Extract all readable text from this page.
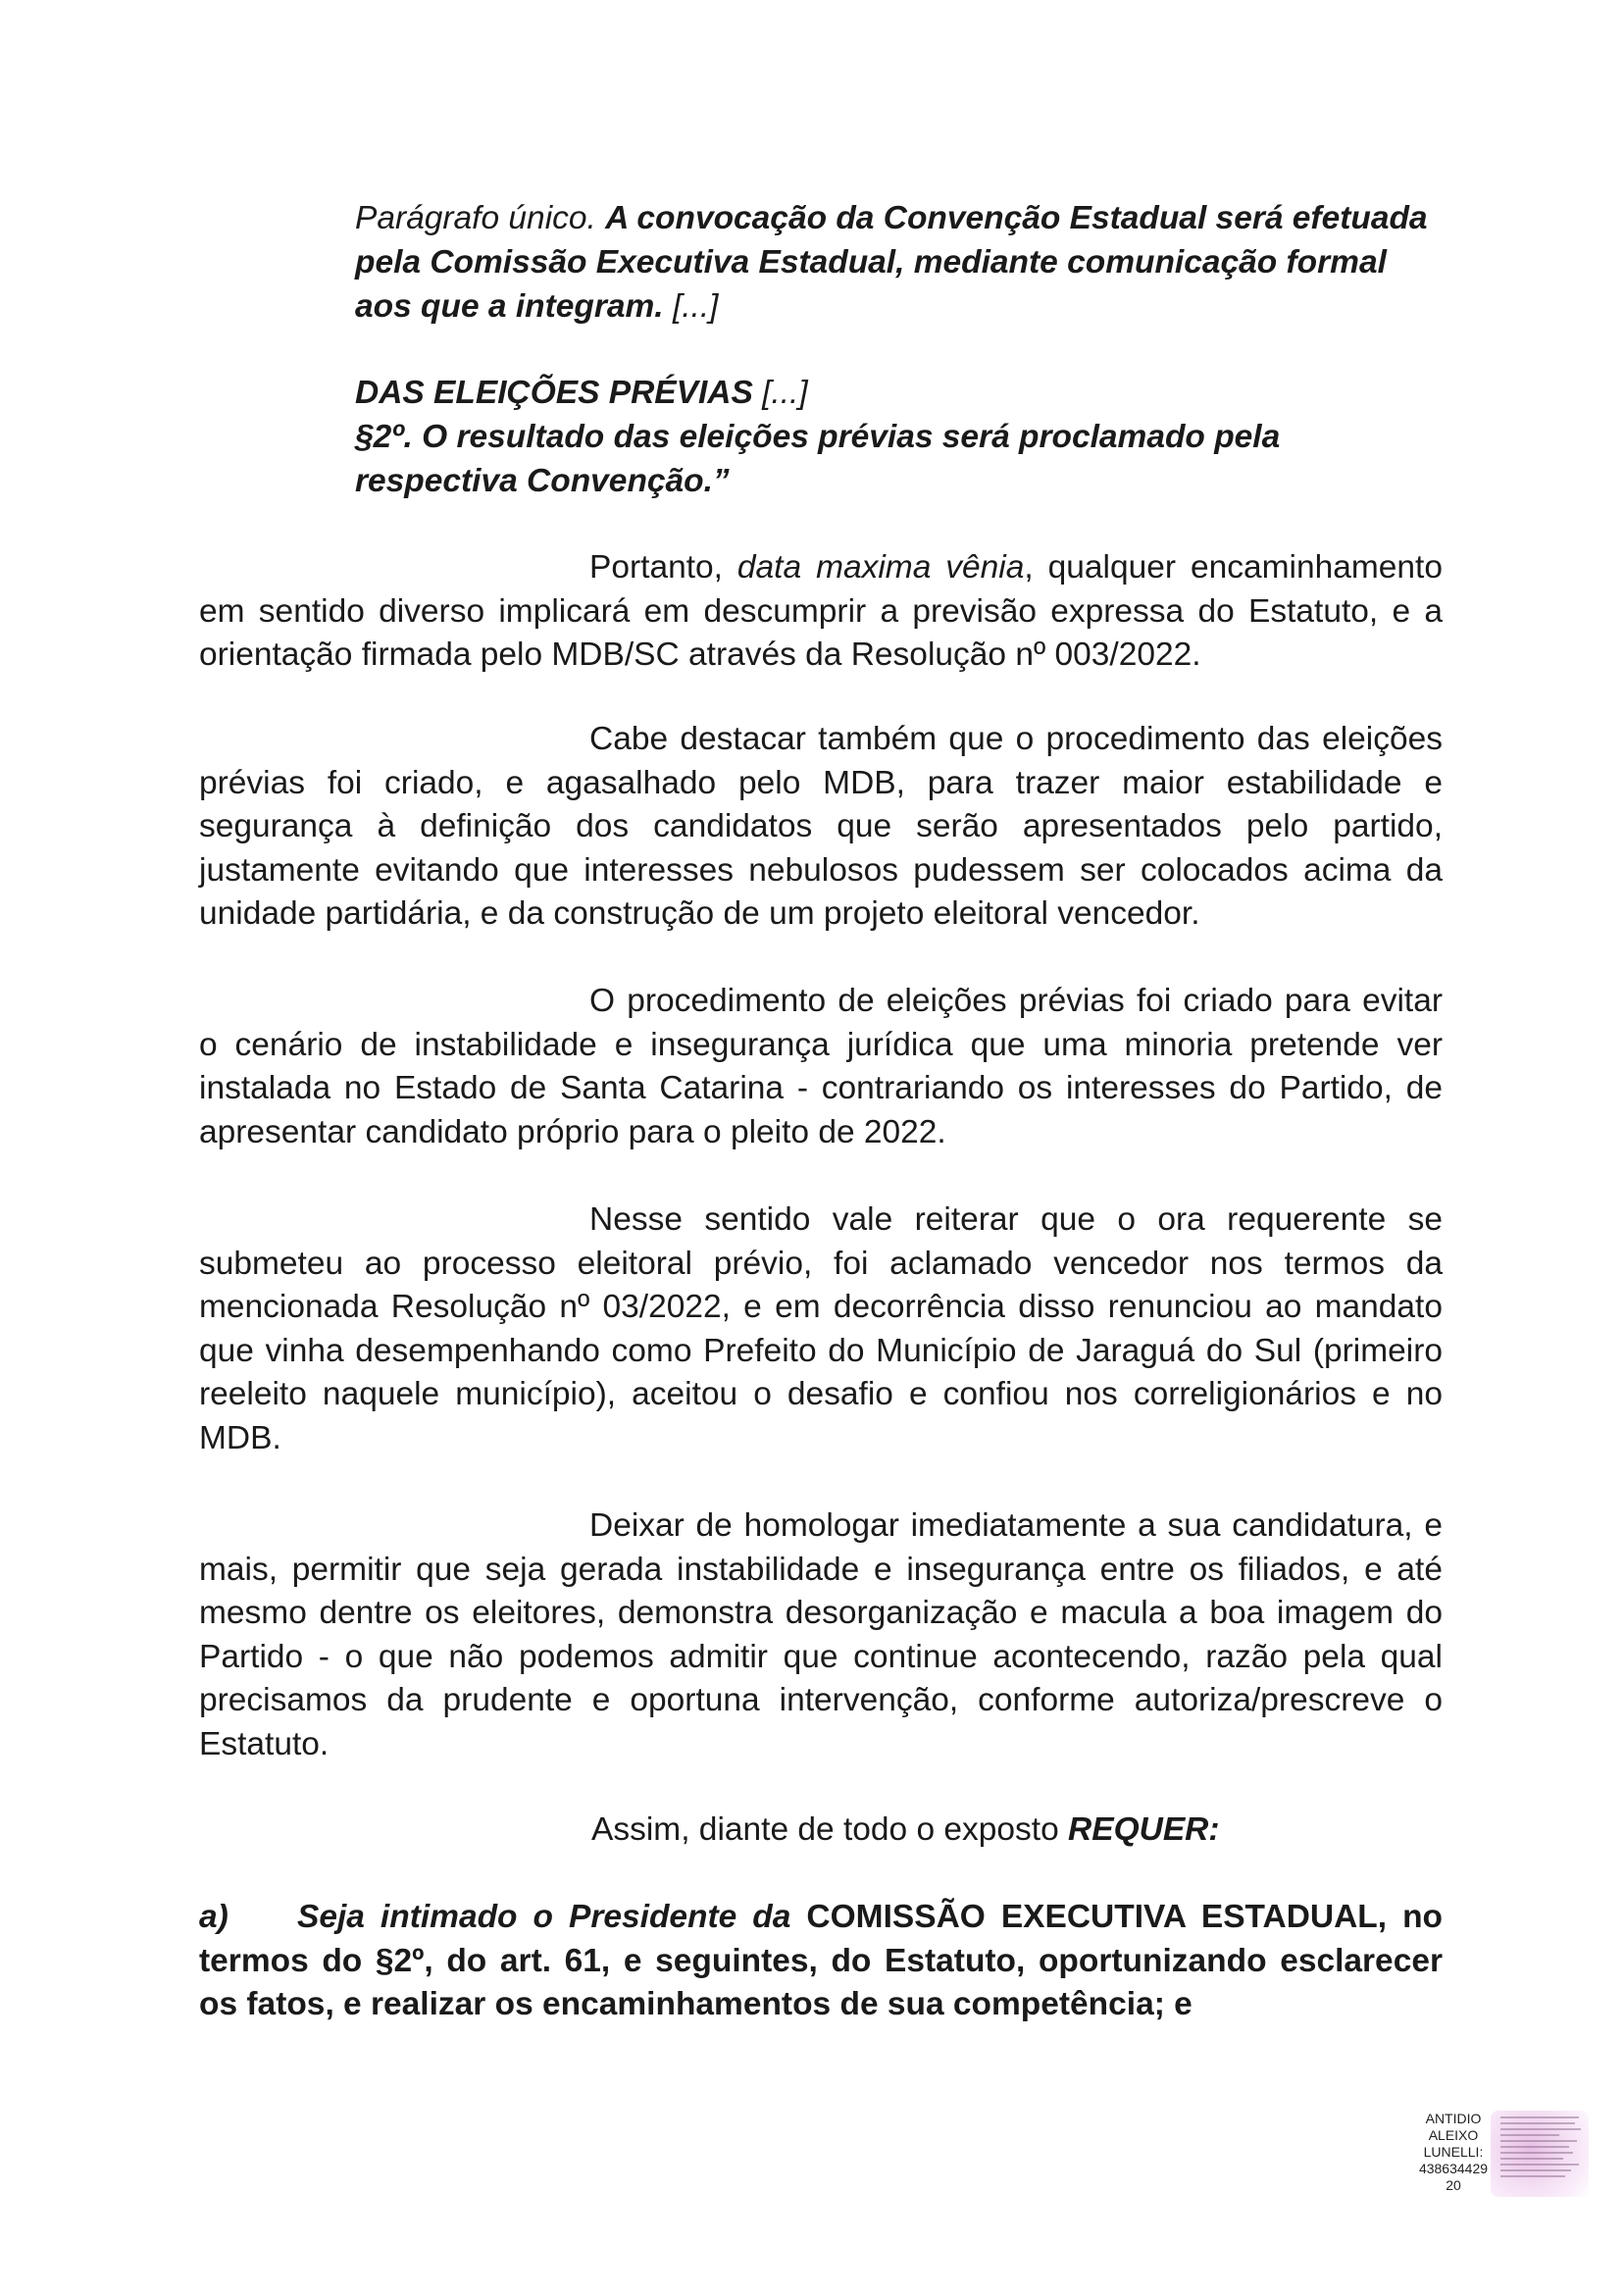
Parágrafo único. A convocação da Convenção Estadual será efetuada pela Comissão Executiva Estadual, mediante comunicação formal aos que a integram. [...]

DAS ELEIÇÕES PRÉVIAS [...]

§2º. O resultado das eleições prévias será proclamado pela respectiva Convenção.”

Portanto, data maxima vênia, qualquer encaminhamento em sentido diverso implicará em descumprir a previsão expressa do Estatuto, e a orientação firmada pelo MDB/SC através da Resolução nº 003/2022.

Cabe destacar também que o procedimento das eleições prévias foi criado, e agasalhado pelo MDB, para trazer maior estabilidade e segurança à definição dos candidatos que serão apresentados pelo partido, justamente evitando que interesses nebulosos pudessem ser colocados acima da unidade partidária, e da construção de um projeto eleitoral vencedor.

O procedimento de eleições prévias foi criado para evitar o cenário de instabilidade e insegurança jurídica que uma minoria pretende ver instalada no Estado de Santa Catarina - contrariando os interesses do Partido, de apresentar candidato próprio para o pleito de 2022.

Nesse sentido vale reiterar que o ora requerente se submeteu ao processo eleitoral prévio, foi aclamado vencedor nos termos da mencionada Resolução nº 03/2022, e em decorrência disso renunciou ao mandato que vinha desempenhando como Prefeito do Município de Jaraguá do Sul (primeiro reeleito naquele município), aceitou o desafio e confiou nos correligionários e no MDB.

Deixar de homologar imediatamente a sua candidatura, e mais, permitir que seja gerada instabilidade e insegurança entre os filiados, e até mesmo dentre os eleitores, demonstra desorganização e macula a boa imagem do Partido - o que não podemos admitir que continue acontecendo, razão pela qual precisamos da prudente e oportuna intervenção, conforme autoriza/prescreve o Estatuto.

Assim, diante de todo o exposto REQUER:

a) Seja intimado o Presidente da COMISSÃO EXECUTIVA ESTADUAL, no termos do §2º, do art. 61, e seguintes, do Estatuto, oportunizando esclarecer os fatos, e realizar os encaminhamentos de sua competência; e

ANTIDIO
ALEIXO
LUNELLI:
438634429
20
